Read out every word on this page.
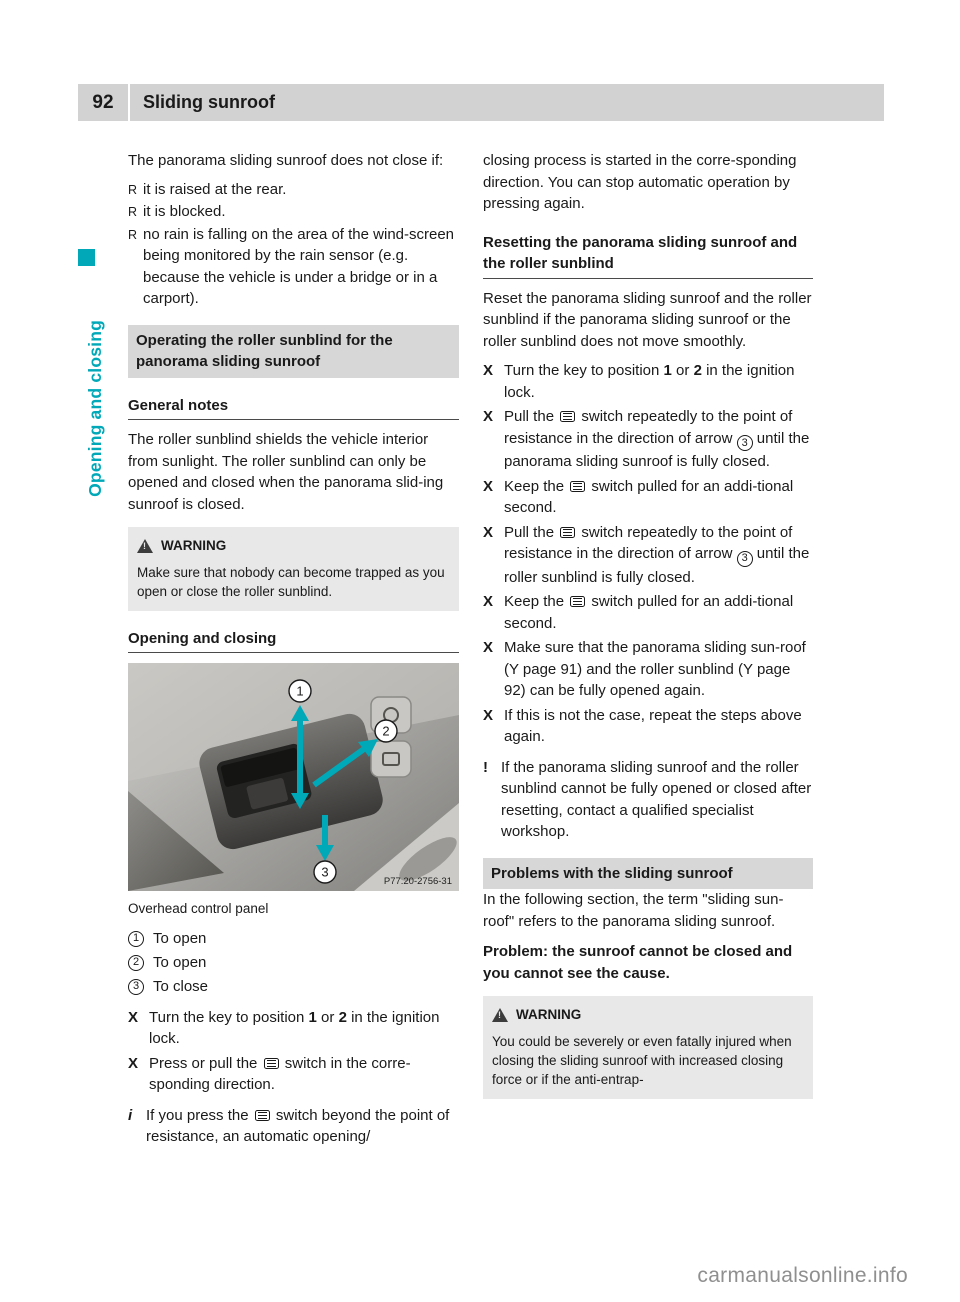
92	Sliding sunroof
Opening and closing

The panorama sliding sunroof does not close if:

R it is raised at the rear.
R it is blocked.
R no rain is falling on the area of the wind-screen being monitored by the rain sensor (e.g. because the vehicle is under a bridge or in a carport).
Operating the roller sunblind for the panorama sliding sunroof
General notes

The roller sunblind shields the vehicle interior from sunlight. The roller sunblind can only be opened and closed when the panorama slid-ing sunroof is closed.

! WARNING

Make sure that nobody can become trapped as you open or close the roller sunblind.

Opening and closing
1
2
3
P77.20-2756-31
Overhead control panel
1 To open
2 To open
3 To close
X Turn the key to position 1 or 2 in the ignition lock.
X Press or pull the  switch in the corre-sponding direction.
i If you press the  switch beyond the point of resistance, an automatic opening/

closing process is started in the corre-sponding direction. You can stop automatic operation by pressing again.

Resetting the panorama sliding sunroof and the roller sunblind

Reset the panorama sliding sunroof and the roller sunblind if the panorama sliding sunroof or the roller sunblind does not move smoothly.

X Turn the key to position 1 or 2 in the ignition lock.
X Pull the  switch repeatedly to the point of resistance in the direction of arrow 3 until the panorama sliding sunroof is fully closed.
X Keep the  switch pulled for an addi-tional second.
X Pull the  switch repeatedly to the point of resistance in the direction of arrow 3 until the roller sunblind is fully closed.
X Keep the  switch pulled for an addi-tional second.
X Make sure that the panorama sliding sun-roof (Y page 91) and the roller sunblind (Y page 92) can be fully opened again.
X If this is not the case, repeat the steps above again.
! If the panorama sliding sunroof and the roller sunblind cannot be fully opened or closed after resetting, contact a qualified specialist workshop.
Problems with the sliding sunroof

In the following section, the term "sliding sun-roof" refers to the panorama sliding sunroof.

Problem: the sunroof cannot be closed and you cannot see the cause.

! WARNING

You could be severely or even fatally injured when closing the sliding sunroof with increased closing force or if the anti-entrap-

carmanualsonline.info
